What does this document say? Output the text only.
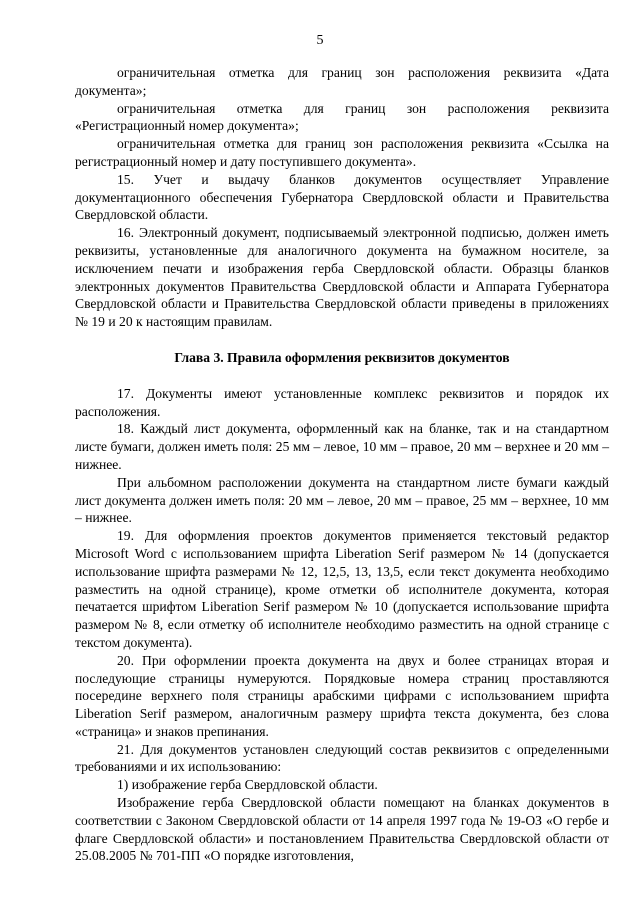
5

ограничительная отметка для границ зон расположения реквизита «Дата документа»;

ограничительная отметка для границ зон расположения реквизита «Регистрационный номер документа»;

ограничительная отметка для границ зон расположения реквизита «Ссылка на регистрационный номер и дату поступившего документа».

15. Учет и выдачу бланков документов осуществляет Управление документационного обеспечения Губернатора Свердловской области и Правительства Свердловской области.

16. Электронный документ, подписываемый электронной подписью, должен иметь реквизиты, установленные для аналогичного документа на бумажном носителе, за исключением печати и изображения герба Свердловской области. Образцы бланков электронных документов Правительства Свердловской области и Аппарата Губернатора Свердловской области и Правительства Свердловской области приведены в приложениях № 19 и 20 к настоящим правилам.

Глава 3. Правила оформления реквизитов документов

17. Документы имеют установленные комплекс реквизитов и порядок их расположения.

18. Каждый лист документа, оформленный как на бланке, так и на стандартном листе бумаги, должен иметь поля: 25 мм – левое, 10 мм – правое, 20 мм – верхнее и 20 мм – нижнее.

При альбомном расположении документа на стандартном листе бумаги каждый лист документа должен иметь поля: 20 мм – левое, 20 мм – правое, 25 мм – верхнее, 10 мм – нижнее.

19. Для оформления проектов документов применяется текстовый редактор Microsoft Word с использованием шрифта Liberation Serif размером № 14 (допускается использование шрифта размерами № 12, 12,5, 13, 13,5, если текст документа необходимо разместить на одной странице), кроме отметки об исполнителе документа, которая печатается шрифтом Liberation Serif размером № 10 (допускается использование шрифта размером № 8, если отметку об исполнителе необходимо разместить на одной странице с текстом документа).

20. При оформлении проекта документа на двух и более страницах вторая и последующие страницы нумеруются. Порядковые номера страниц проставляются посередине верхнего поля страницы арабскими цифрами с использованием шрифта Liberation Serif размером, аналогичным размеру шрифта текста документа, без слова «страница» и знаков препинания.

21. Для документов установлен следующий состав реквизитов с определенными требованиями и их использованию:

1) изображение герба Свердловской области.

Изображение герба Свердловской области помещают на бланках документов в соответствии с Законом Свердловской области от 14 апреля 1997 года № 19-ОЗ «О гербе и флаге Свердловской области» и постановлением Правительства Свердловской области от 25.08.2005 № 701-ПП «О порядке изготовления,
